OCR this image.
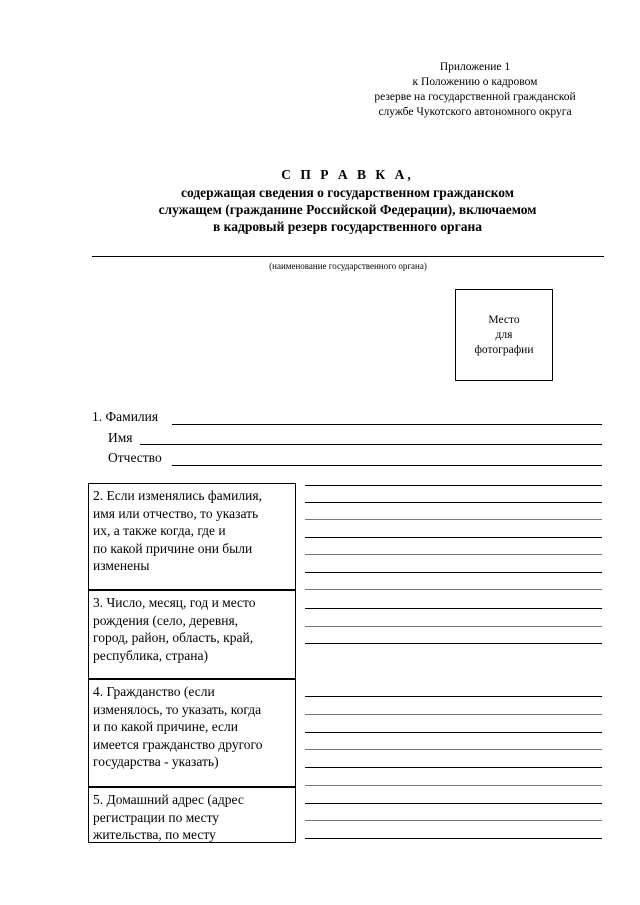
Приложение 1
к Положению о кадровом
резерве на государственной гражданской
службе Чукотского автономного округа
С П Р А В К А,
содержащая сведения о государственном гражданском
служащем (гражданине Российской Федерации), включаемом
в кадровый резерв государственного органа
(наименование государственного органа)
Место
для
фотографии
1. Фамилия
Имя
Отчество
2. Если изменялись фамилия,
имя или отчество, то указать
их, а также когда, где и
по какой причине они были
изменены
3. Число, месяц, год и место
рождения (село, деревня,
город, район, область, край,
республика, страна)
4. Гражданство (если
изменялось, то указать, когда
и по какой причине, если
имеется гражданство другого
государства - указать)
5. Домашний адрес (адрес
регистрации по месту
жительства, по месту
